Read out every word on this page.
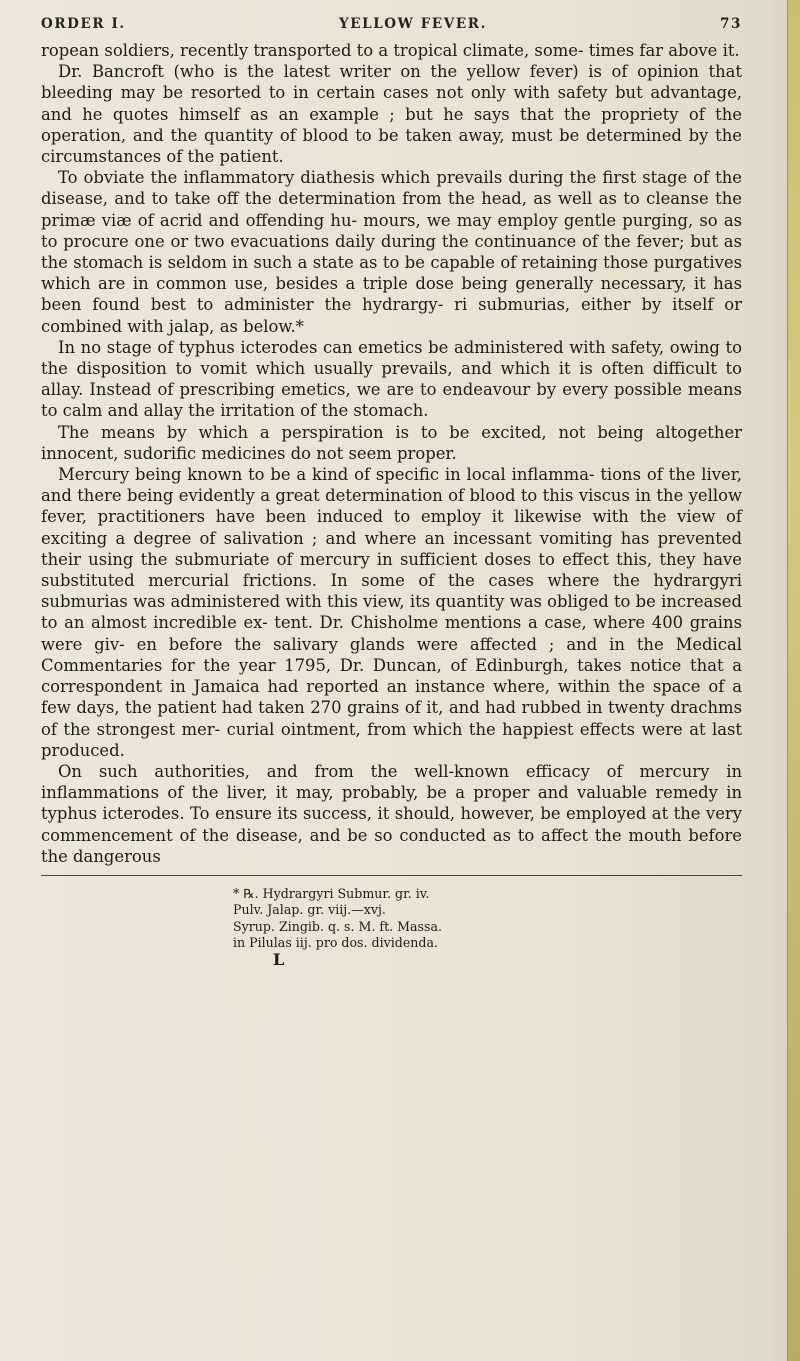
ORDER I.	YELLOW FEVER.	73

ropean soldiers, recently transported to a tropical climate, some- times far above it.

Dr. Bancroft (who is the latest writer on the yellow fever) is of opinion that bleeding may be resorted to in certain cases not only with safety but advantage, and he quotes himself as an example ; but he says that the propriety of the operation, and the quantity of blood to be taken away, must be determined by the circumstances of the patient.

To obviate the inflammatory diathesis which prevails during the first stage of the disease, and to take off the determination from the head, as well as to cleanse the primæ viæ of acrid and offending hu- mours, we may employ gentle purging, so as to procure one or two evacuations daily during the continuance of the fever; but as the stomach is seldom in such a state as to be capable of retaining those purgatives which are in common use, besides a triple dose being generally necessary, it has been found best to administer the hydrargy- ri submurias, either by itself or combined with jalap, as below.*

In no stage of typhus icterodes can emetics be administered with safety, owing to the disposition to vomit which usually prevails, and which it is often difficult to allay. Instead of prescribing emetics, we are to endeavour by every possible means to calm and allay the irritation of the stomach.

The means by which a perspiration is to be excited, not being altogether innocent, sudorific medicines do not seem proper.

Mercury being known to be a kind of specific in local inflamma- tions of the liver, and there being evidently a great determination of blood to this viscus in the yellow fever, practitioners have been induced to employ it likewise with the view of exciting a degree of salivation ; and where an incessant vomiting has prevented their using the submuriate of mercury in sufficient doses to effect this, they have substituted mercurial frictions. In some of the cases where the hydrargyri submurias was administered with this view, its quantity was obliged to be increased to an almost incredible ex- tent. Dr. Chisholme mentions a case, where 400 grains were giv- en before the salivary glands were affected ; and in the Medical Commentaries for the year 1795, Dr. Duncan, of Edinburgh, takes notice that a correspondent in Jamaica had reported an instance where, within the space of a few days, the patient had taken 270 grains of it, and had rubbed in twenty drachms of the strongest mer- curial ointment, from which the happiest effects were at last produced.

On such authorities, and from the well-known efficacy of mercury in inflammations of the liver, it may, probably, be a proper and valuable remedy in typhus icterodes. To ensure its success, it should, however, be employed at the very commencement of the disease, and be so conducted as to affect the mouth before the dangerous

* ℞. Hydrargyri Submur. gr. iv.
Pulv. Jalap. gr. viij.—xvj.
Syrup. Zingib. q. s. M. ft. Massa.
in Pilulas iij. pro dos. dividenda.
L
